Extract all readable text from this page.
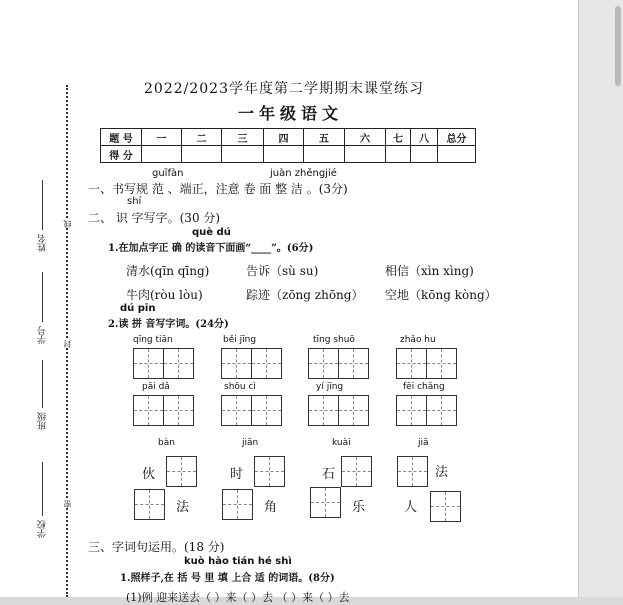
姓名
学号
班级
学校
线
封
密
2022/2023学年度第二学期期末课堂练习
一年级语文
题 号	一	二	三	四	五	六	七	八	总分
得 分									
guīfàn	juàn zhěngjié
一、书写规 范 、端正，注意 卷 面 整 洁 。(3分)
shí
二、 识 字写字。(30 分)
què dú
1.在加点字正 确 的读音下面画“____”。(6分)
清水(qīn qīng)	告诉（sù su)	相信（xìn xìng)
牛肉(ròu lòu)	踪迹（zōng zhōng） 空地（kōng kòng）
dú pīn
2.读 拼 音写字词。(24分)
qīng tiān	běi jīng	tīng shuō	zhǎo hu
pāi dǎ	shǒu cì	yí jīng	fēi chǎng
bàn	jiān	kuài	jiā
伙	时	石	法
法	角	乐	人
三、字词句运用。(18 分)
kuò hào tián hé shì
1.照样子,在 括 号 里 填 上合 适 的词语。(8分)
(1)例 迎来送去（ ）来（ ）去 （ ）来（ ）去
